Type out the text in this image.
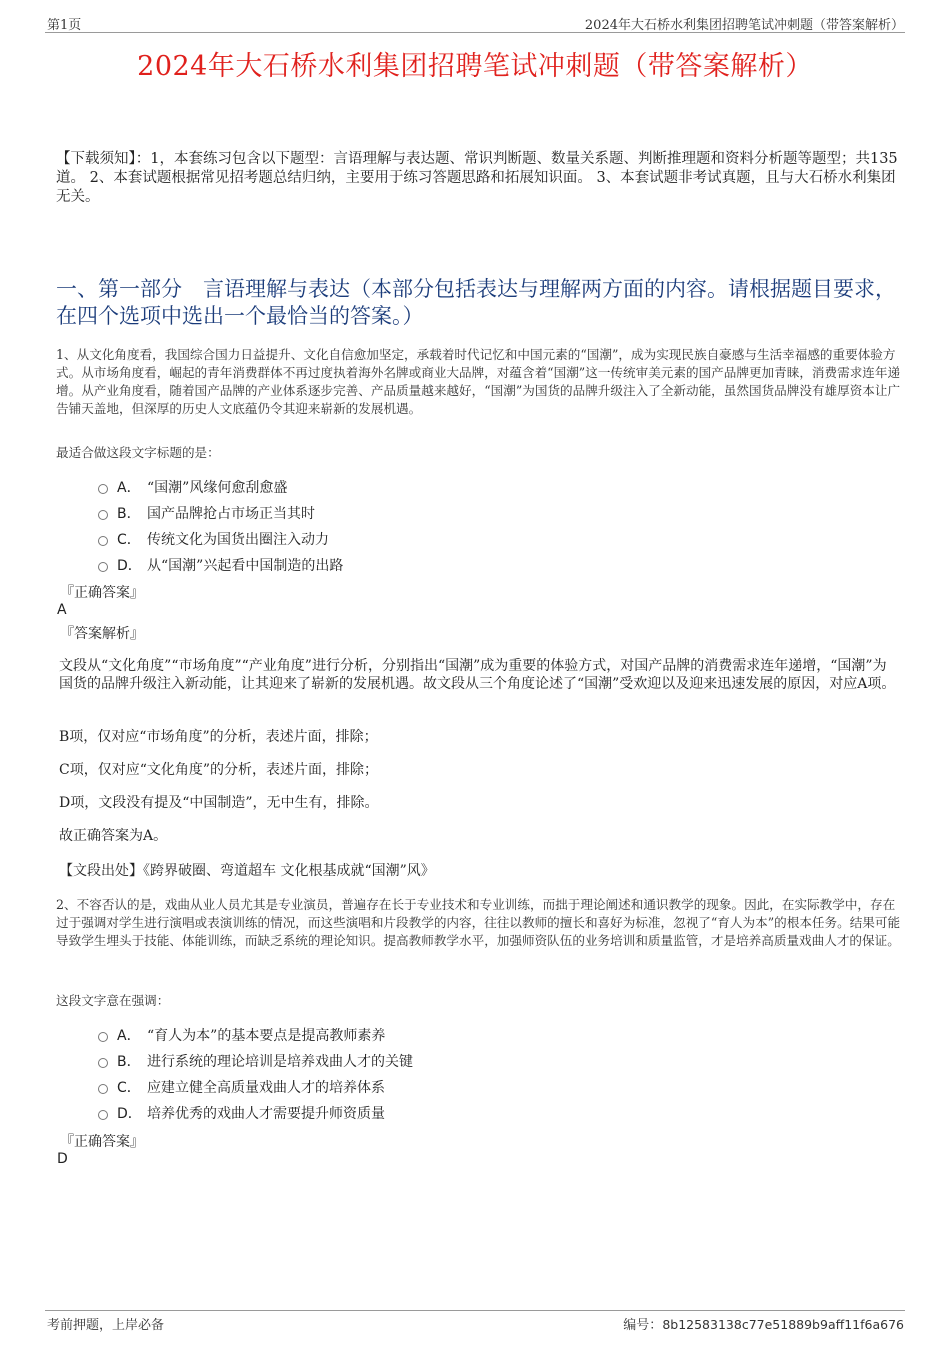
第1页	2024年大石桥水利集团招聘笔试冲刺题（带答案解析）
2024年大石桥水利集团招聘笔试冲刺题（带答案解析）
【下载须知】：1，本套练习包含以下题型：言语理解与表达题、常识判断题、数量关系题、判断推理题和资料分析题等题型；共135道。 2、本套试题根据常见招考题总结归纳，主要用于练习答题思路和拓展知识面。 3、本套试题非考试真题，且与大石桥水利集团无关。
一、第一部分　言语理解与表达（本部分包括表达与理解两方面的内容。请根据题目要求，在四个选项中选出一个最恰当的答案。）
1、从文化角度看，我国综合国力日益提升、文化自信愈加坚定，承载着时代记忆和中国元素的“国潮”，成为实现民族自豪感与生活幸福感的重要体验方式。从市场角度看，崛起的青年消费群体不再过度执着海外名牌或商业大品牌，对蕴含着“国潮”这一传统审美元素的国产品牌更加青睐，消费需求连年递增。从产业角度看，随着国产品牌的产业体系逐步完善、产品质量越来越好，“国潮”为国货的品牌升级注入了全新动能，虽然国货品牌没有雄厚资本让广告铺天盖地，但深厚的历史人文底蕴仍令其迎来崭新的发展机遇。
最适合做这段文字标题的是：
A． “国潮”风缘何愈刮愈盛
B． 国产品牌抢占市场正当其时
C． 传统文化为国货出圈注入动力
D． 从“国潮”兴起看中国制造的出路
『正确答案』
A
『答案解析』
文段从“文化角度”“市场角度”“产业角度”进行分析，分别指出“国潮”成为重要的体验方式，对国产品牌的消费需求连年递增，“国潮”为国货的品牌升级注入新动能，让其迎来了崭新的发展机遇。故文段从三个角度论述了“国潮”受欢迎以及迎来迅速发展的原因，对应A项。
B项，仅对应“市场角度”的分析，表述片面，排除；
C项，仅对应“文化角度”的分析，表述片面，排除；
D项，文段没有提及“中国制造”，无中生有，排除。
故正确答案为A。
【文段出处】《跨界破圈、弯道超车 文化根基成就“国潮”风》
2、不容否认的是，戏曲从业人员尤其是专业演员，普遍存在长于专业技术和专业训练，而拙于理论阐述和通识教学的现象。因此，在实际教学中，存在过于强调对学生进行演唱或表演训练的情况，而这些演唱和片段教学的内容，往往以教师的擅长和喜好为标准，忽视了“育人为本”的根本任务。结果可能导致学生埋头于技能、体能训练，而缺乏系统的理论知识。提高教师教学水平，加强师资队伍的业务培训和质量监管，才是培养高质量戏曲人才的保证。
这段文字意在强调：
A． “育人为本”的基本要点是提高教师素养
B． 进行系统的理论培训是培养戏曲人才的关键
C． 应建立健全高质量戏曲人才的培养体系
D． 培养优秀的戏曲人才需要提升师资质量
『正确答案』
D
考前押题，上岸必备	编号：8b12583138c77e51889b9aff11f6a676
